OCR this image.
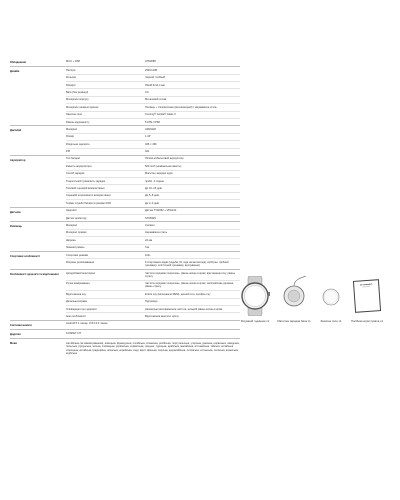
Обладнання	MCU + DSP	ATD3085
Дизайн	Палітра	2549 НОВ
Кольори	Чорний, Срібний
Розміри	45х46.5х11,4 мм
Вага (без ремінця)	31г
Матеріали корпусу	Металевий сплав
Матеріали нижньої кришки	Полімер + Скловолокно (високоміцний) / Нержавіюча сталь
Захисне скло	Corning® Gorilla® Glass 3
Рівень водозахисту	5 ATM / IP68
Дисплей	Матеріал	AMOLED
Розмір	1.43"
Роздільна здатність	466 × 466
PPI	461
Акумулятор	Тип батареї	Літієво-кобальтовий акумулятор
Ємність акумулятора	500 mAh (номінальна ємність)
Спосіб зарядки	Магнітне зарядне ядро
Теоретичний тривалість зарядки	прибл. 2 години
Типовий сценарій використання	До 10–15 днів
Сценарій інтенсивного використання	До 5–8 днів
Термін служби батареї в режимі AOD	До 2–3 днів
Датчики	Здоров'я	Датчик TCR052 + VPH242
Датчик орієнтиру	STK8325
Ремінець	Матеріал	Силікон
Матеріал пряжки	Нержавіюча сталь
Ширина	22 мм
Змінний ремінь	Так
Спортивні особливості	Спортивні режими	110+
Розумне розпізнавання	6 спортивних видів (ходьба, біг, їзда на велосипеді, орбітрек, гребний тренажер, еліптичний тренажер, веслування)
Особливості здоров'я та відстеження	Цілодобовий моніторинг	Частота серцевих скорочень, рівень кисню в крові, відстеження сну, рівень стресу
Ручне вимірювання	Частота серцевих скорочень, рівень кисню в крові, заспокійливе дихання, рівень стресу
Відстеження сну	Етапи сну (включаючи REM), денний сон, профіль сну
Дихальна вправа	Підтримує
Оповіщення про здоров'я	Аномально висока/низька частота, низький рівень кисню в крові
Інші особливості	Відстеження жіночого циклу
Системні вимоги	Android 5.1 і вище, iOS 13.0 і вище
Додатки	KOSPET FIT
Мови	Англійська (за замовчуванням), німецька, французька, італійська, іспанська, російська, португальська, угорська, данська, норвезька, шведська, польська, румунська, чеська, словацька, українська, хорватська, грецька, турецька, арабська, малайська, в'єтнамська, тайська, китайська спрощена, китайська традиційна, японська, корейська, хінді, іврит, фінська, перська, індонезійська, литовська, естонська, латиська, казахська, сербська
Розумний годинник х1	Магнітна зарядна база х1	Захисне скло х1
Ш smartwatch
USER MANUAL
Посібник користувача х1
